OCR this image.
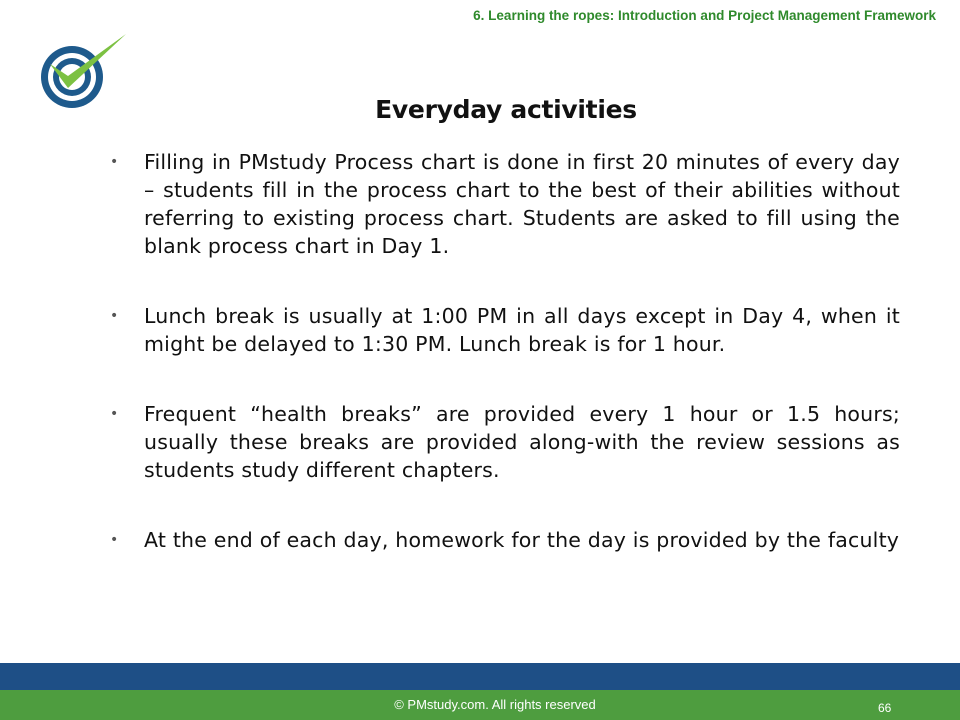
6. Learning the ropes: Introduction and Project Management Framework
Everyday activities
• Filling in PMstudy Process chart is done in first 20 minutes of every day – students fill in the process chart to the best of their abilities without referring to existing process chart. Students are asked to fill using the blank process chart in Day 1.
• Lunch break is usually at 1:00 PM in all days except in Day 4, when it might be delayed to 1:30 PM. Lunch break is for 1 hour.
• Frequent “health breaks” are provided every 1 hour or 1.5 hours; usually these breaks are provided along-with the review sessions as students study different chapters.
• At the end of each day, homework for the day is provided by the faculty
© PMstudy.com. All rights reserved	66
